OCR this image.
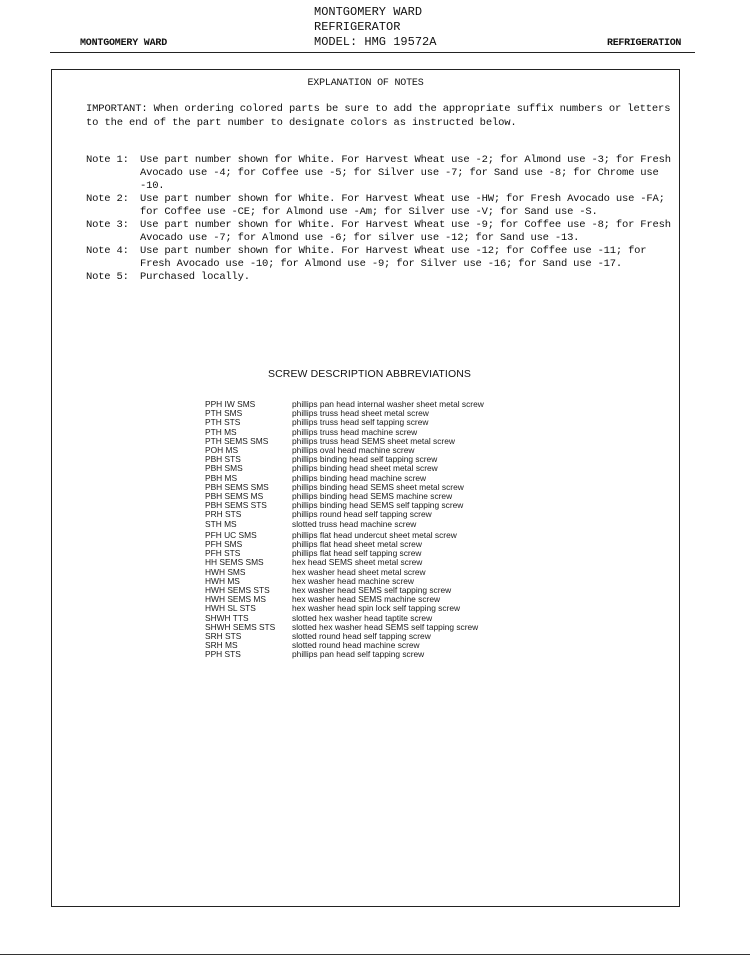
MONTGOMERY WARD
MONTGOMERY WARD
REFRIGERATOR
MODEL: HMG 19572A	REFRIGERATION
EXPLANATION OF NOTES
IMPORTANT: When ordering colored parts be sure to add the appropriate suffix numbers or letters to the end of the part number to designate colors as instructed below.
Note 1:	Use part number shown for White. For Harvest Wheat use -2; for Almond use -3; for Fresh Avocado use -4; for Coffee use -5; for Silver use -7; for Sand use -8; for Chrome use -10.
Note 2:	Use part number shown for White. For Harvest Wheat use -HW; for Fresh Avocado use -FA; for Coffee use -CE; for Almond use -Am; for Silver use -V; for Sand use -S.
Note 3:	Use part number shown for White. For Harvest Wheat use -9; for Coffee use -8; for Fresh Avocado use -7; for Almond use -6; for silver use -12; for Sand use -13.
Note 4:	Use part number shown for White. For Harvest Wheat use -12; for Coffee use -11; for Fresh Avocado use -10; for Almond use -9; for Silver use -16; for Sand use -17.
Note 5:	Purchased locally.
SCREW DESCRIPTION ABBREVIATIONS
PPH IW SMS	phillips pan head internal washer sheet metal screw
PTH SMS	phillips truss head sheet metal screw
PTH STS	phillips truss head self tapping screw
PTH MS	phillips truss head machine screw
PTH SEMS SMS	phillips truss head SEMS sheet metal screw
POH MS	phillips oval head machine screw
PBH STS	phillips binding head self tapping screw
PBH SMS	phillips binding head sheet metal screw
PBH MS	phillips binding head machine screw
PBH SEMS SMS	phillips binding head SEMS sheet metal screw
PBH SEMS MS	phillips binding head SEMS machine screw
PBH SEMS STS	phillips binding head SEMS self tapping screw
PRH STS	phillips round head self tapping screw
STH MS	slotted truss head machine screw
PFH UC SMS	phillips flat head undercut sheet metal screw
PFH SMS	phillips flat head sheet metal screw
PFH STS	phillips flat head self tapping screw
HH SEMS SMS	hex head SEMS sheet metal screw
HWH SMS	hex washer head sheet metal screw
HWH MS	hex washer head machine screw
HWH SEMS STS	hex washer head SEMS self tapping screw
HWH SEMS MS	hex washer head SEMS machine screw
HWH SL STS	hex washer head spin lock self tapping screw
SHWH TTS	slotted hex washer head taptite screw
SHWH SEMS STS	slotted hex washer head SEMS self tapping screw
SRH STS	slotted round head self tapping screw
SRH MS	slotted round head machine screw
PPH STS	phillips pan head self tapping screw
